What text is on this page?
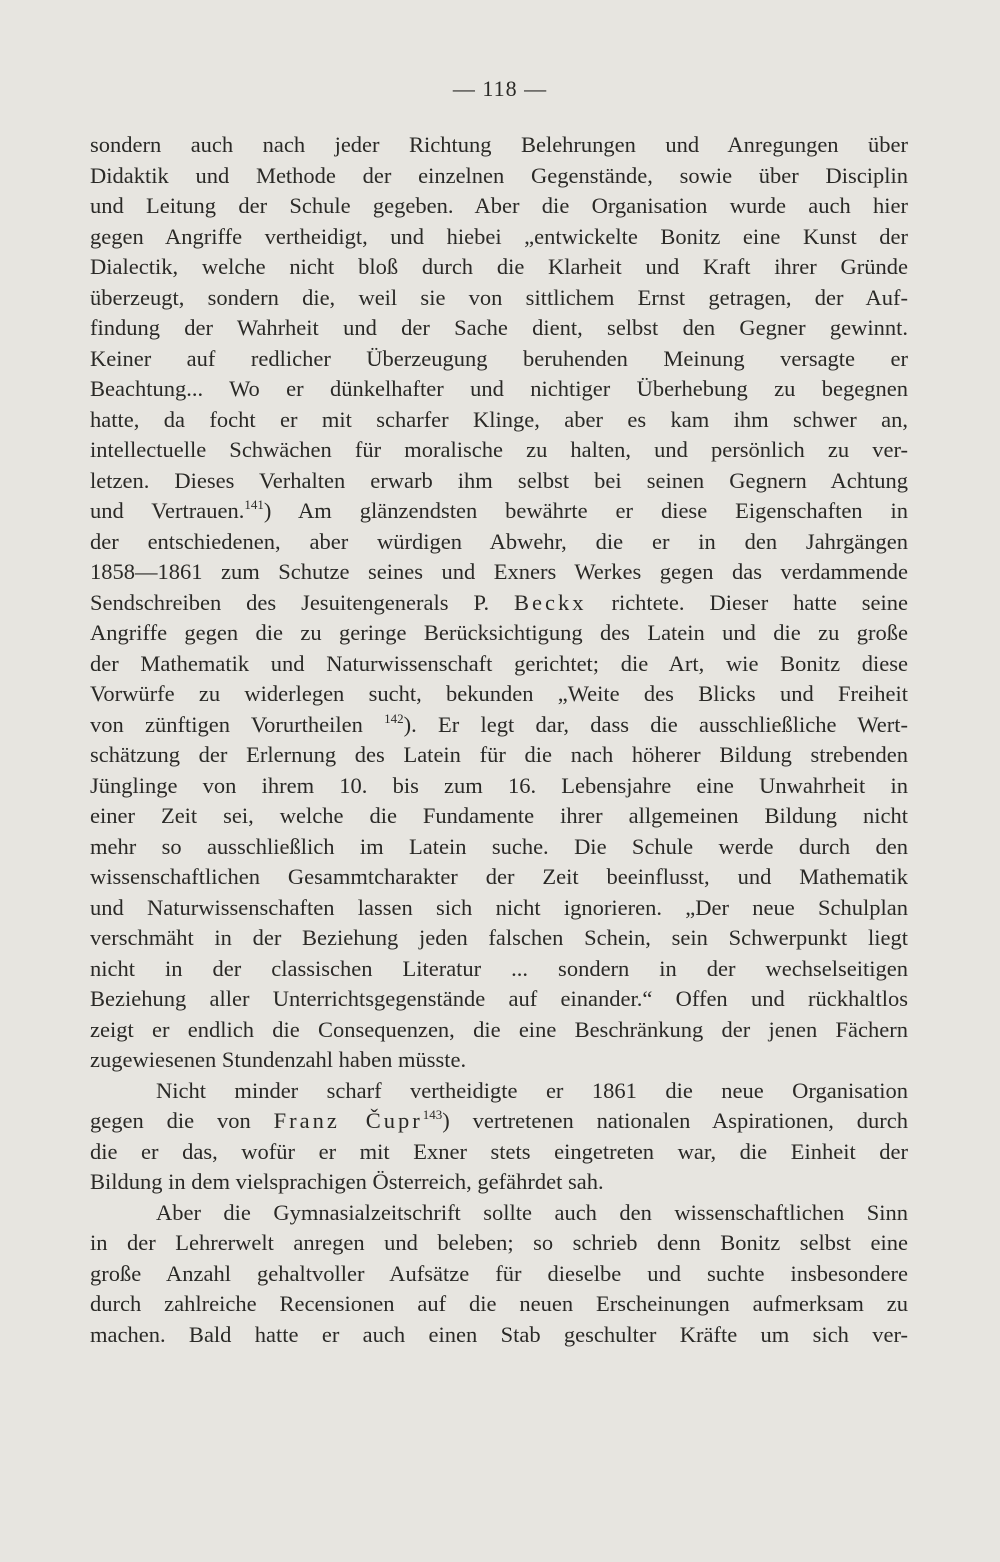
— 118 —
sondern auch nach jeder Richtung Belehrungen und Anregungen über
Didaktik und Methode der einzelnen Gegenstände, sowie über Disciplin
und Leitung der Schule gegeben. Aber die Organisation wurde auch hier
gegen Angriffe vertheidigt, und hiebei „entwickelte Bonitz eine Kunst der
Dialectik, welche nicht bloß durch die Klarheit und Kraft ihrer Gründe
überzeugt, sondern die, weil sie von sittlichem Ernst getragen, der Auf-
findung der Wahrheit und der Sache dient, selbst den Gegner gewinnt.
Keiner auf redlicher Überzeugung beruhenden Meinung versagte er
Beachtung... Wo er dünkelhafter und nichtiger Überhebung zu begegnen
hatte, da focht er mit scharfer Klinge, aber es kam ihm schwer an,
intellectuelle Schwächen für moralische zu halten, und persönlich zu ver-
letzen. Dieses Verhalten erwarb ihm selbst bei seinen Gegnern Achtung
und Vertrauen.$^{141}$) Am glänzendsten bewährte er diese Eigenschaften in
der entschiedenen, aber würdigen Abwehr, die er in den Jahrgängen
1858—1861 zum Schutze seines und Exners Werkes gegen das verdammende
Sendschreiben des Jesuitengenerals P. Beckx richtete. Dieser hatte seine
Angriffe gegen die zu geringe Berücksichtigung des Latein und die zu große
der Mathematik und Naturwissenschaft gerichtet; die Art, wie Bonitz diese
Vorwürfe zu widerlegen sucht, bekunden „Weite des Blicks und Freiheit
von zünftigen Vorurtheilen $^{142}$). Er legt dar, dass die ausschließliche Wert-
schätzung der Erlernung des Latein für die nach höherer Bildung strebenden
Jünglinge von ihrem 10. bis zum 16. Lebensjahre eine Unwahrheit in
einer Zeit sei, welche die Fundamente ihrer allgemeinen Bildung nicht
mehr so ausschließlich im Latein suche. Die Schule werde durch den
wissenschaftlichen Gesammtcharakter der Zeit beeinflusst, und Mathematik
und Naturwissenschaften lassen sich nicht ignorieren. „Der neue Schulplan
verschmäht in der Beziehung jeden falschen Schein, sein Schwerpunkt liegt
nicht in der classischen Literatur ... sondern in der wechselseitigen
Beziehung aller Unterrichtsgegenstände auf einander.“ Offen und rückhaltlos
zeigt er endlich die Consequenzen, die eine Beschränkung der jenen Fächern
zugewiesenen Stundenzahl haben müsste.
Nicht minder scharf vertheidigte er 1861 die neue Organisation
gegen die von Franz Čupr$^{143}$) vertretenen nationalen Aspirationen, durch
die er das, wofür er mit Exner stets eingetreten war, die Einheit der
Bildung in dem vielsprachigen Österreich, gefährdet sah.
Aber die Gymnasialzeitschrift sollte auch den wissenschaftlichen Sinn
in der Lehrerwelt anregen und beleben; so schrieb denn Bonitz selbst eine
große Anzahl gehaltvoller Aufsätze für dieselbe und suchte insbesondere
durch zahlreiche Recensionen auf die neuen Erscheinungen aufmerksam zu
machen. Bald hatte er auch einen Stab geschulter Kräfte um sich ver-
